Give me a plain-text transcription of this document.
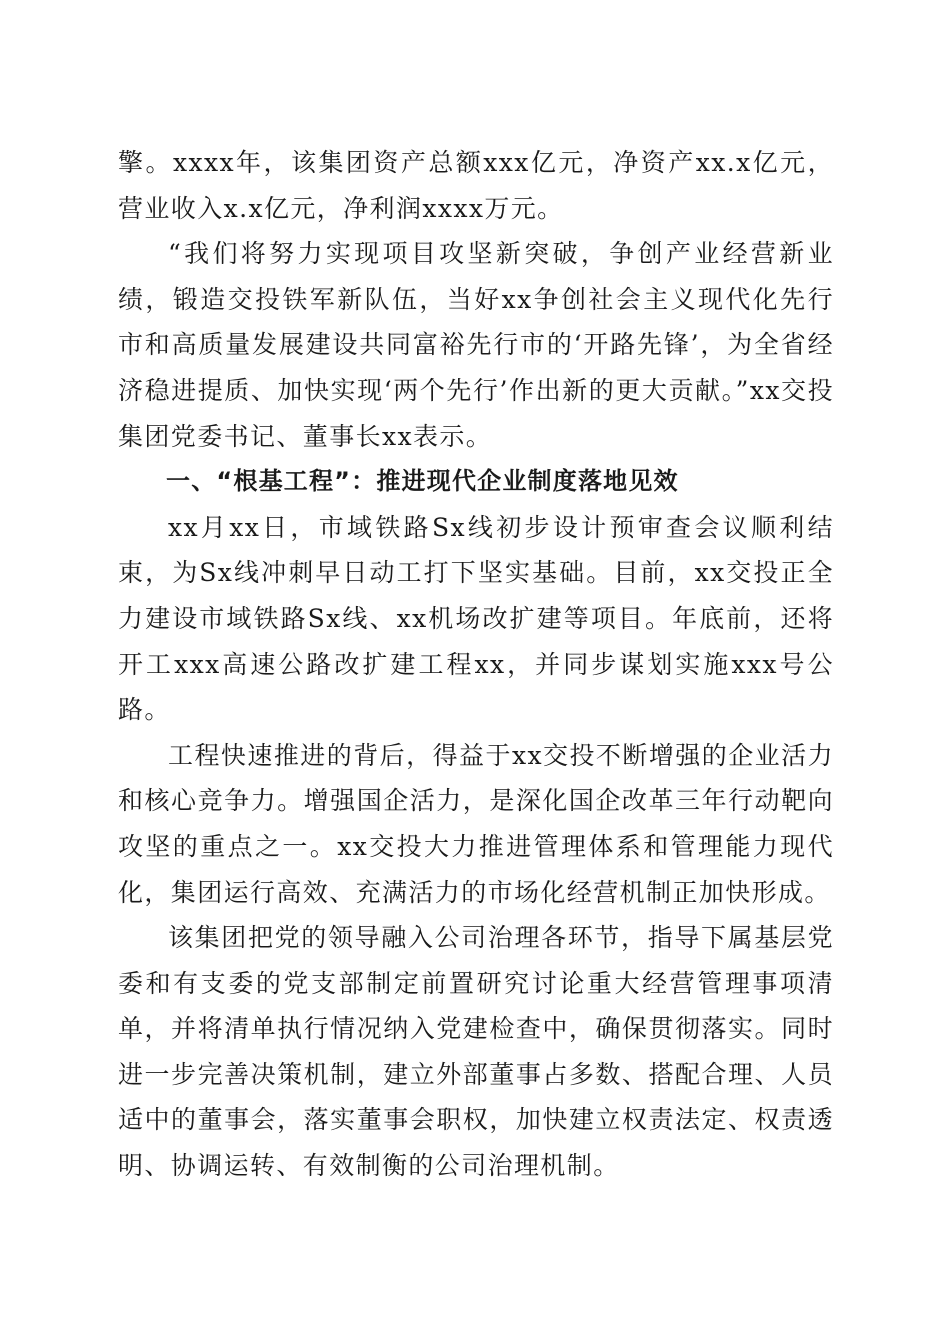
擎。xxxx年，该集团资产总额xxx亿元，净资产xx.x亿元，营业收入x.x亿元，净利润xxxx万元。

“我们将努力实现项目攻坚新突破，争创产业经营新业绩，锻造交投铁军新队伍，当好xx争创社会主义现代化先行市和高质量发展建设共同富裕先行市的‘开路先锋’，为全省经济稳进提质、加快实现‘两个先行’作出新的更大贡献。”xx交投集团党委书记、董事长xx表示。

一、“根基工程”：推进现代企业制度落地见效

xx月xx日，市域铁路Sx线初步设计预审查会议顺利结束，为Sx线冲刺早日动工打下坚实基础。目前，xx交投正全力建设市域铁路Sx线、xx机场改扩建等项目。年底前，还将开工xxx高速公路改扩建工程xx，并同步谋划实施xxx号公路。

工程快速推进的背后，得益于xx交投不断增强的企业活力和核心竞争力。增强国企活力，是深化国企改革三年行动靶向攻坚的重点之一。xx交投大力推进管理体系和管理能力现代化，集团运行高效、充满活力的市场化经营机制正加快形成。

该集团把党的领导融入公司治理各环节，指导下属基层党委和有支委的党支部制定前置研究讨论重大经营管理事项清单，并将清单执行情况纳入党建检查中，确保贯彻落实。同时进一步完善决策机制，建立外部董事占多数、搭配合理、人员适中的董事会，落实董事会职权，加快建立权责法定、权责透明、协调运转、有效制衡的公司治理机制。
